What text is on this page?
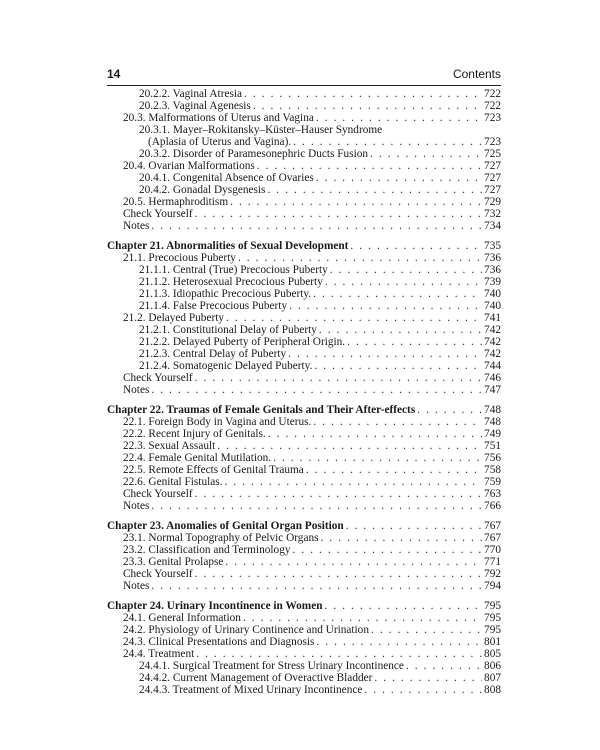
14	Contents
20.2.2. Vaginal Atresia . . .	722
20.2.3. Vaginal Agenesis . . .	722
20.3. Malformations of Uterus and Vagina . . .	723
20.3.1. Mayer–Rokitansky–Küster–Hauser Syndrome
(Aplasia of Uterus and Vagina). . . .	723
20.3.2. Disorder of Paramesonephric Ducts Fusion . . .	725
20.4. Ovarian Malformations . . .	727
20.4.1. Congenital Absence of Ovaries . . .	727
20.4.2. Gonadal Dysgenesis . . .	727
20.5. Hermaphroditism . . .	729
Check Yourself . . .	732
Notes . . .	734
Chapter 21. Abnormalities of Sexual Development . . .	735
21.1. Precocious Puberty . . .	736
21.1.1. Central (True) Precocious Puberty . . .	736
21.1.2. Heterosexual Precocious Puberty . . .	739
21.1.3. Idiopathic Precocious Puberty. . . .	740
21.1.4. False Precocious Puberty . . .	740
21.2. Delayed Puberty . . .	741
21.2.1. Constitutional Delay of Puberty . . .	742
21.2.2. Delayed Puberty of Peripheral Origin. . . .	742
21.2.3. Central Delay of Puberty . . .	742
21.2.4. Somatogenic Delayed Puberty. . . .	744
Check Yourself . . .	746
Notes . . .	747
Chapter 22. Traumas of Female Genitals and Their After-effects . . .	748
22.1. Foreign Body in Vagina and Uterus. . . .	748
22.2. Recent Injury of Genitals. . . .	749
22.3. Sexual Assault . . .	751
22.4. Female Genital Mutilation. . . .	756
22.5. Remote Effects of Genital Trauma . . .	758
22.6. Genital Fistulas. . . .	759
Check Yourself . . .	763
Notes . . .	766
Chapter 23. Anomalies of Genital Organ Position . . .	767
23.1. Normal Topography of Pelvic Organs . . .	767
23.2. Classification and Terminology . . .	770
23.3. Genital Prolapse . . .	771
Check Yourself . . .	792
Notes . . .	794
Chapter 24. Urinary Incontinence in Women . . .	795
24.1. General Information . . .	795
24.2. Physiology of Urinary Continence and Urination . . .	795
24.3. Clinical Presentations and Diagnosis . . .	801
24.4. Treatment . . .	805
24.4.1. Surgical Treatment for Stress Urinary Incontinence . . .	806
24.4.2. Current Management of Overactive Bladder . . .	807
24.4.3. Treatment of Mixed Urinary Incontinence . . .	808
